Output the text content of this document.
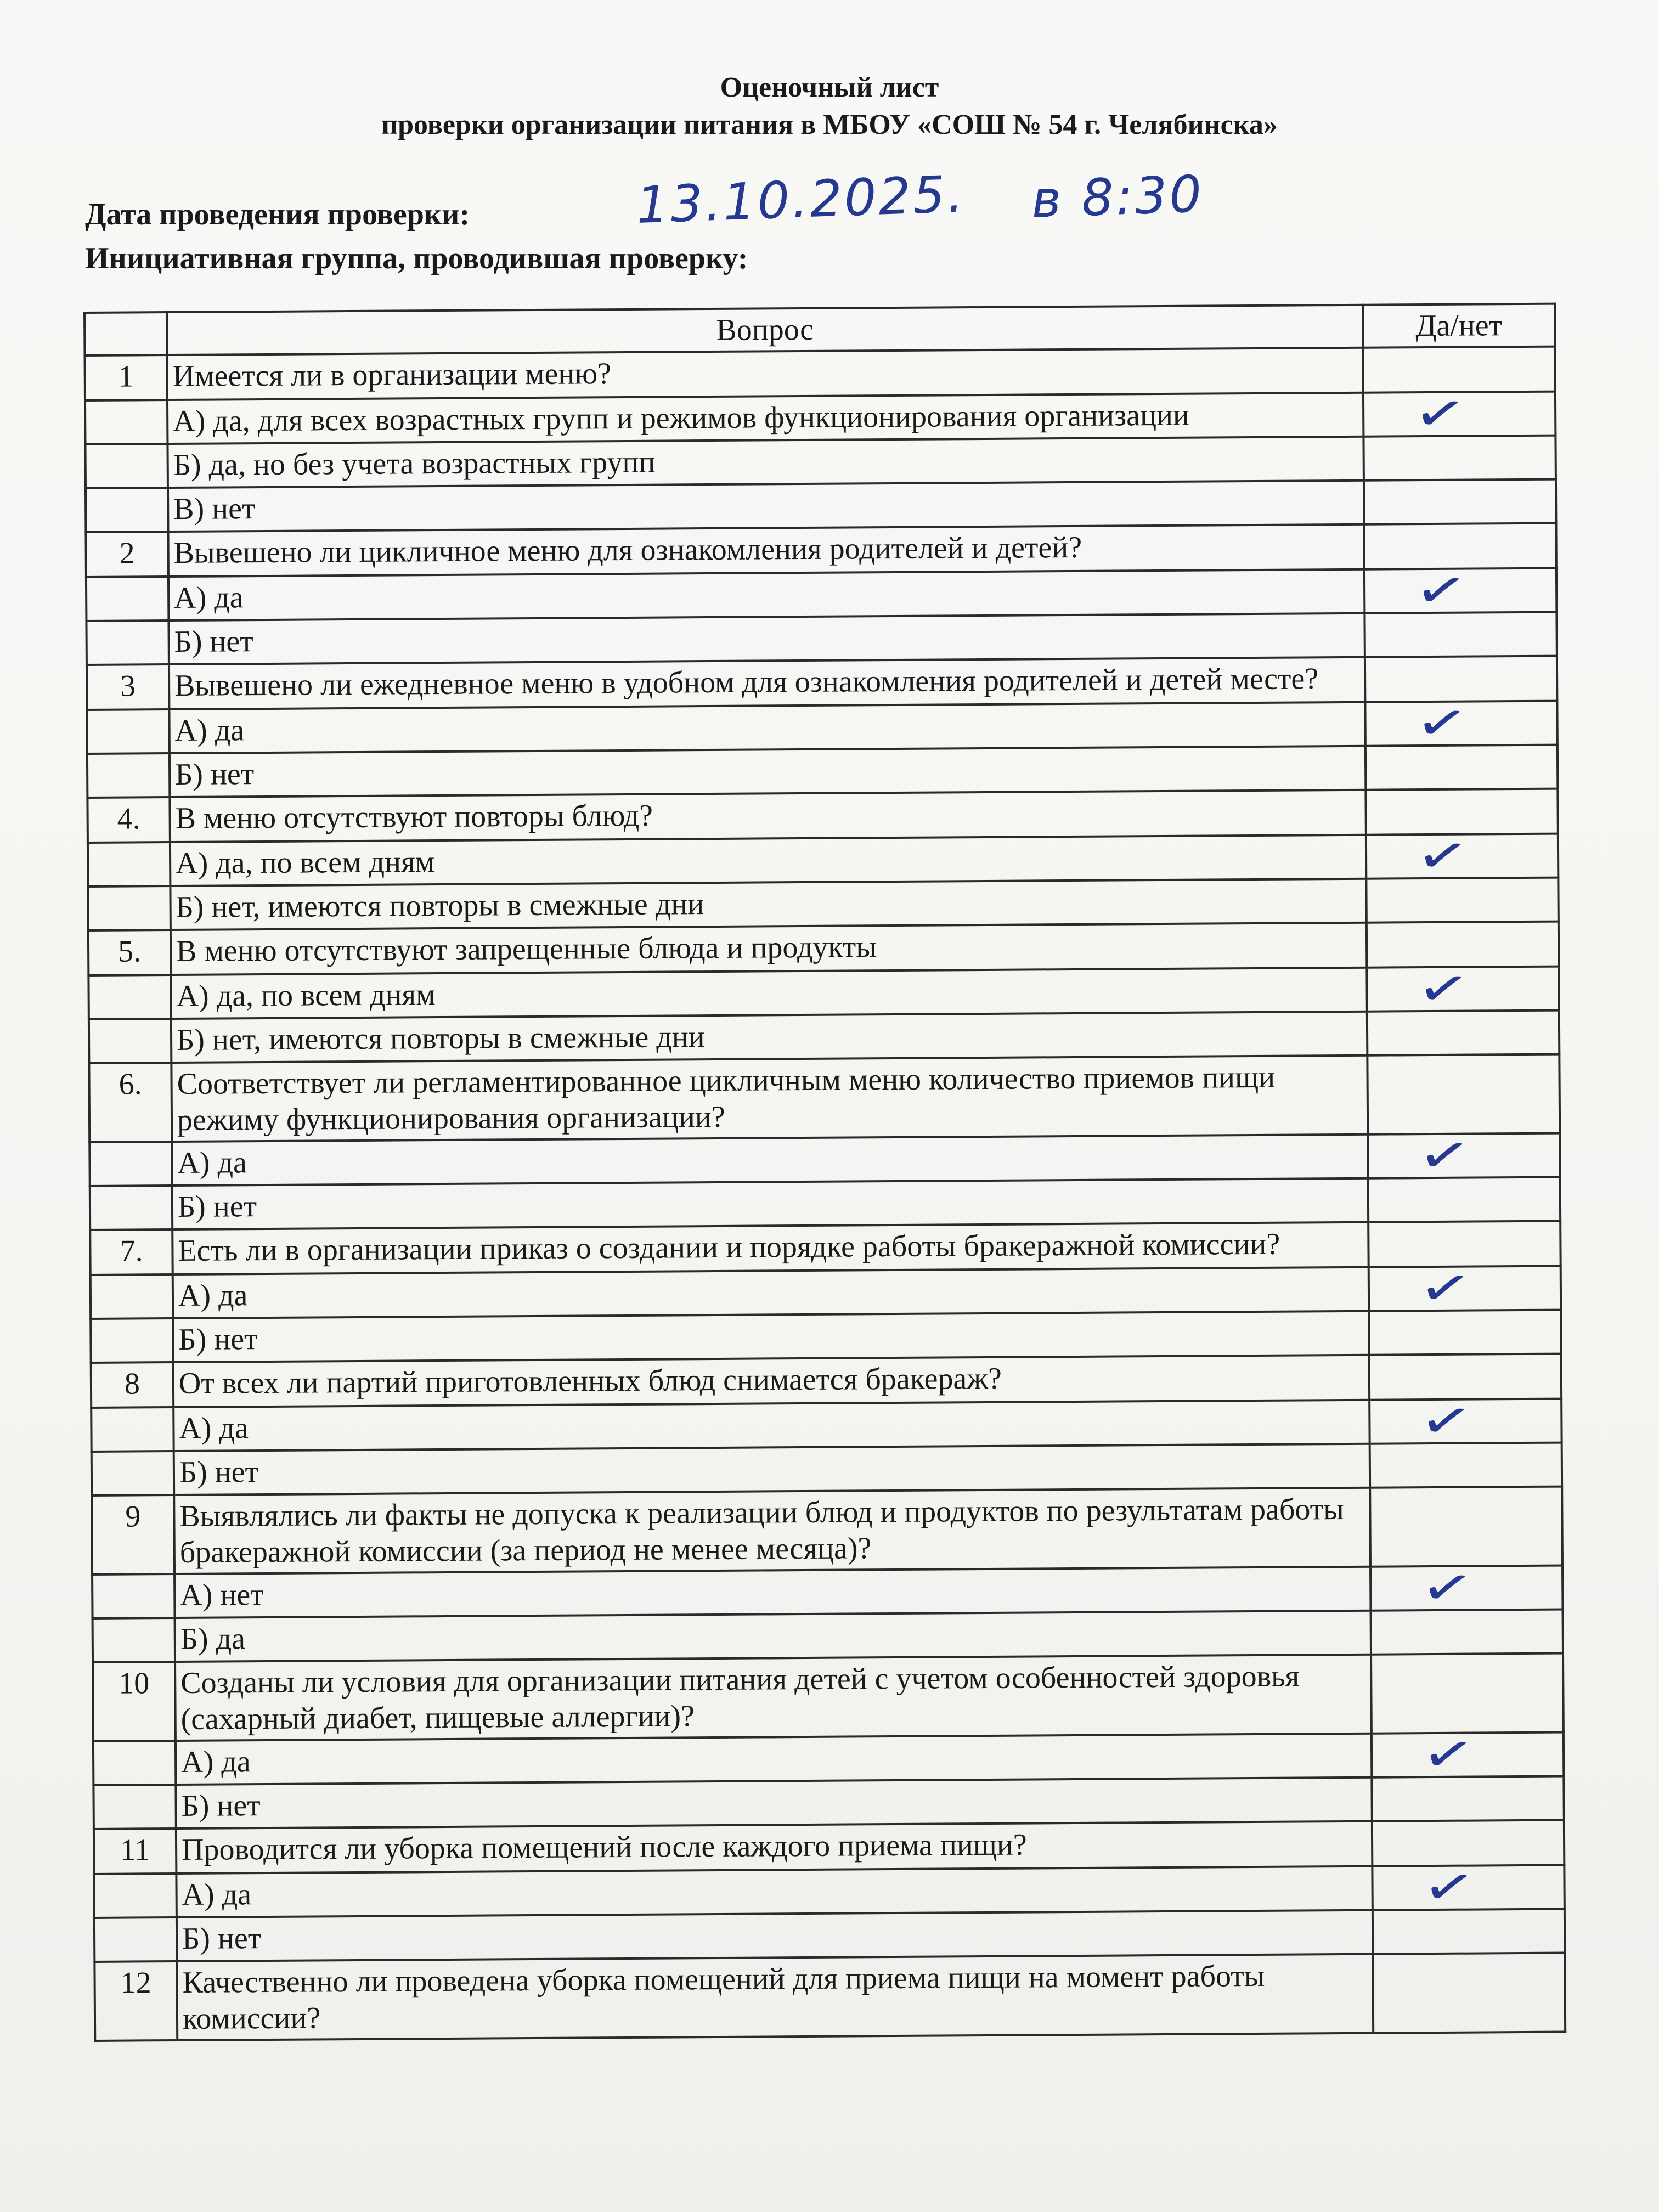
Оценочный лист
проверки организации питания в МБОУ «СОШ № 54 г. Челябинска»
Дата проведения проверки:	13.10.2025. в 8:30
Инициативная группа, проводившая проверку:
	Вопрос	Да/нет
1	Имеется ли в организации меню?	
	А) да, для всех возрастных групп и режимов функционирования организации	✓

	Б) да, но без учета возрастных групп	
	В) нет	
2	Вывешено ли цикличное меню для ознакомления родителей и детей?	
	А) да	✓

	Б) нет	
3	Вывешено ли ежедневное меню в удобном для ознакомления родителей и детей месте?	
	А) да	✓

	Б) нет	
4.	В меню отсутствуют повторы блюд?	
	А) да, по всем дням	✓

	Б) нет, имеются повторы в смежные дни	
5.	В меню отсутствуют запрещенные блюда и продукты	
	А) да, по всем дням	✓

	Б) нет, имеются повторы в смежные дни	
6.	Соответствует ли регламентированное цикличным меню количество приемов пищи режиму функционирования организации?	
	А) да	✓

	Б) нет	
7.	Есть ли в организации приказ о создании и порядке работы бракеражной комиссии?	
	А) да	✓

	Б) нет	
8	От всех ли партий приготовленных блюд снимается бракераж?	
	А) да	✓

	Б) нет	
9	Выявлялись ли факты не допуска к реализации блюд и продуктов по результатам работы бракеражной комиссии (за период не менее месяца)?	
	А) нет	✓

	Б) да	
10	Созданы ли условия для организации питания детей с учетом особенностей здоровья (сахарный диабет, пищевые аллергии)?	
	А) да	✓

	Б) нет	
11	Проводится ли уборка помещений после каждого приема пищи?	
	А) да	✓

	Б) нет	
12	Качественно ли проведена уборка помещений для приема пищи на момент работы комиссии?	
